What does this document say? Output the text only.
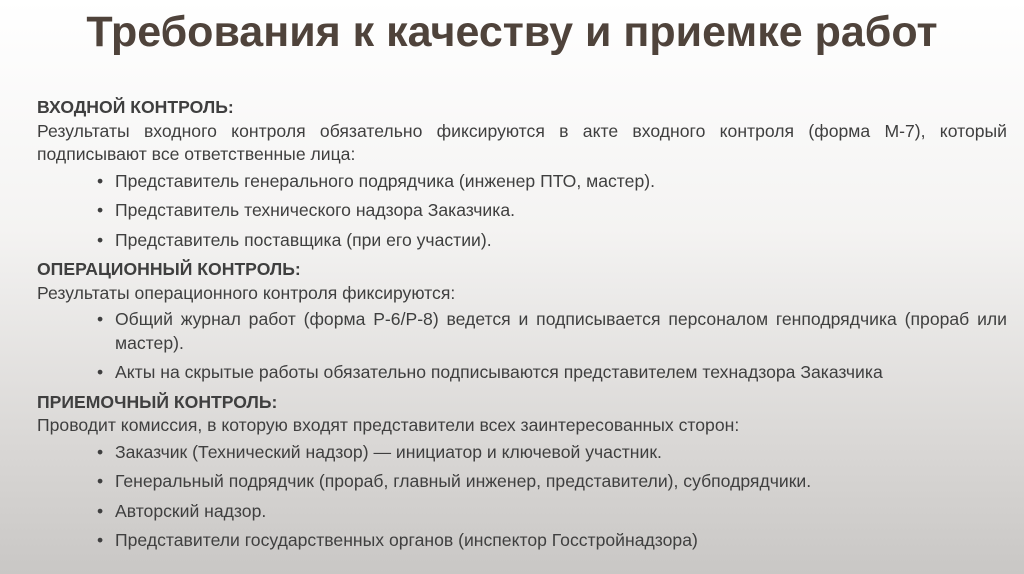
Требования к качеству и приемке работ

ВХОДНОЙ КОНТРОЛЬ:

Результаты входного контроля обязательно фиксируются в акте входного контроля (форма М-7), который подписывают все ответственные лица:

• Представитель генерального подрядчика (инженер ПТО, мастер).
• Представитель технического надзора Заказчика.
• Представитель поставщика (при его участии).

ОПЕРАЦИОННЫЙ КОНТРОЛЬ:

Результаты операционного контроля фиксируются:

• Общий журнал работ (форма Р-6/Р-8) ведется и подписывается персоналом генподрядчика (прораб или мастер).
• Акты на скрытые работы обязательно подписываются представителем технадзора Заказчика

ПРИЕМОЧНЫЙ КОНТРОЛЬ:

Проводит комиссия, в которую входят представители всех заинтересованных сторон:

• Заказчик (Технический надзор) — инициатор и ключевой участник.
• Генеральный подрядчик (прораб, главный инженер, представители), субподрядчики.
• Авторский надзор.
• Представители государственных органов (инспектор Госстройнадзора)
